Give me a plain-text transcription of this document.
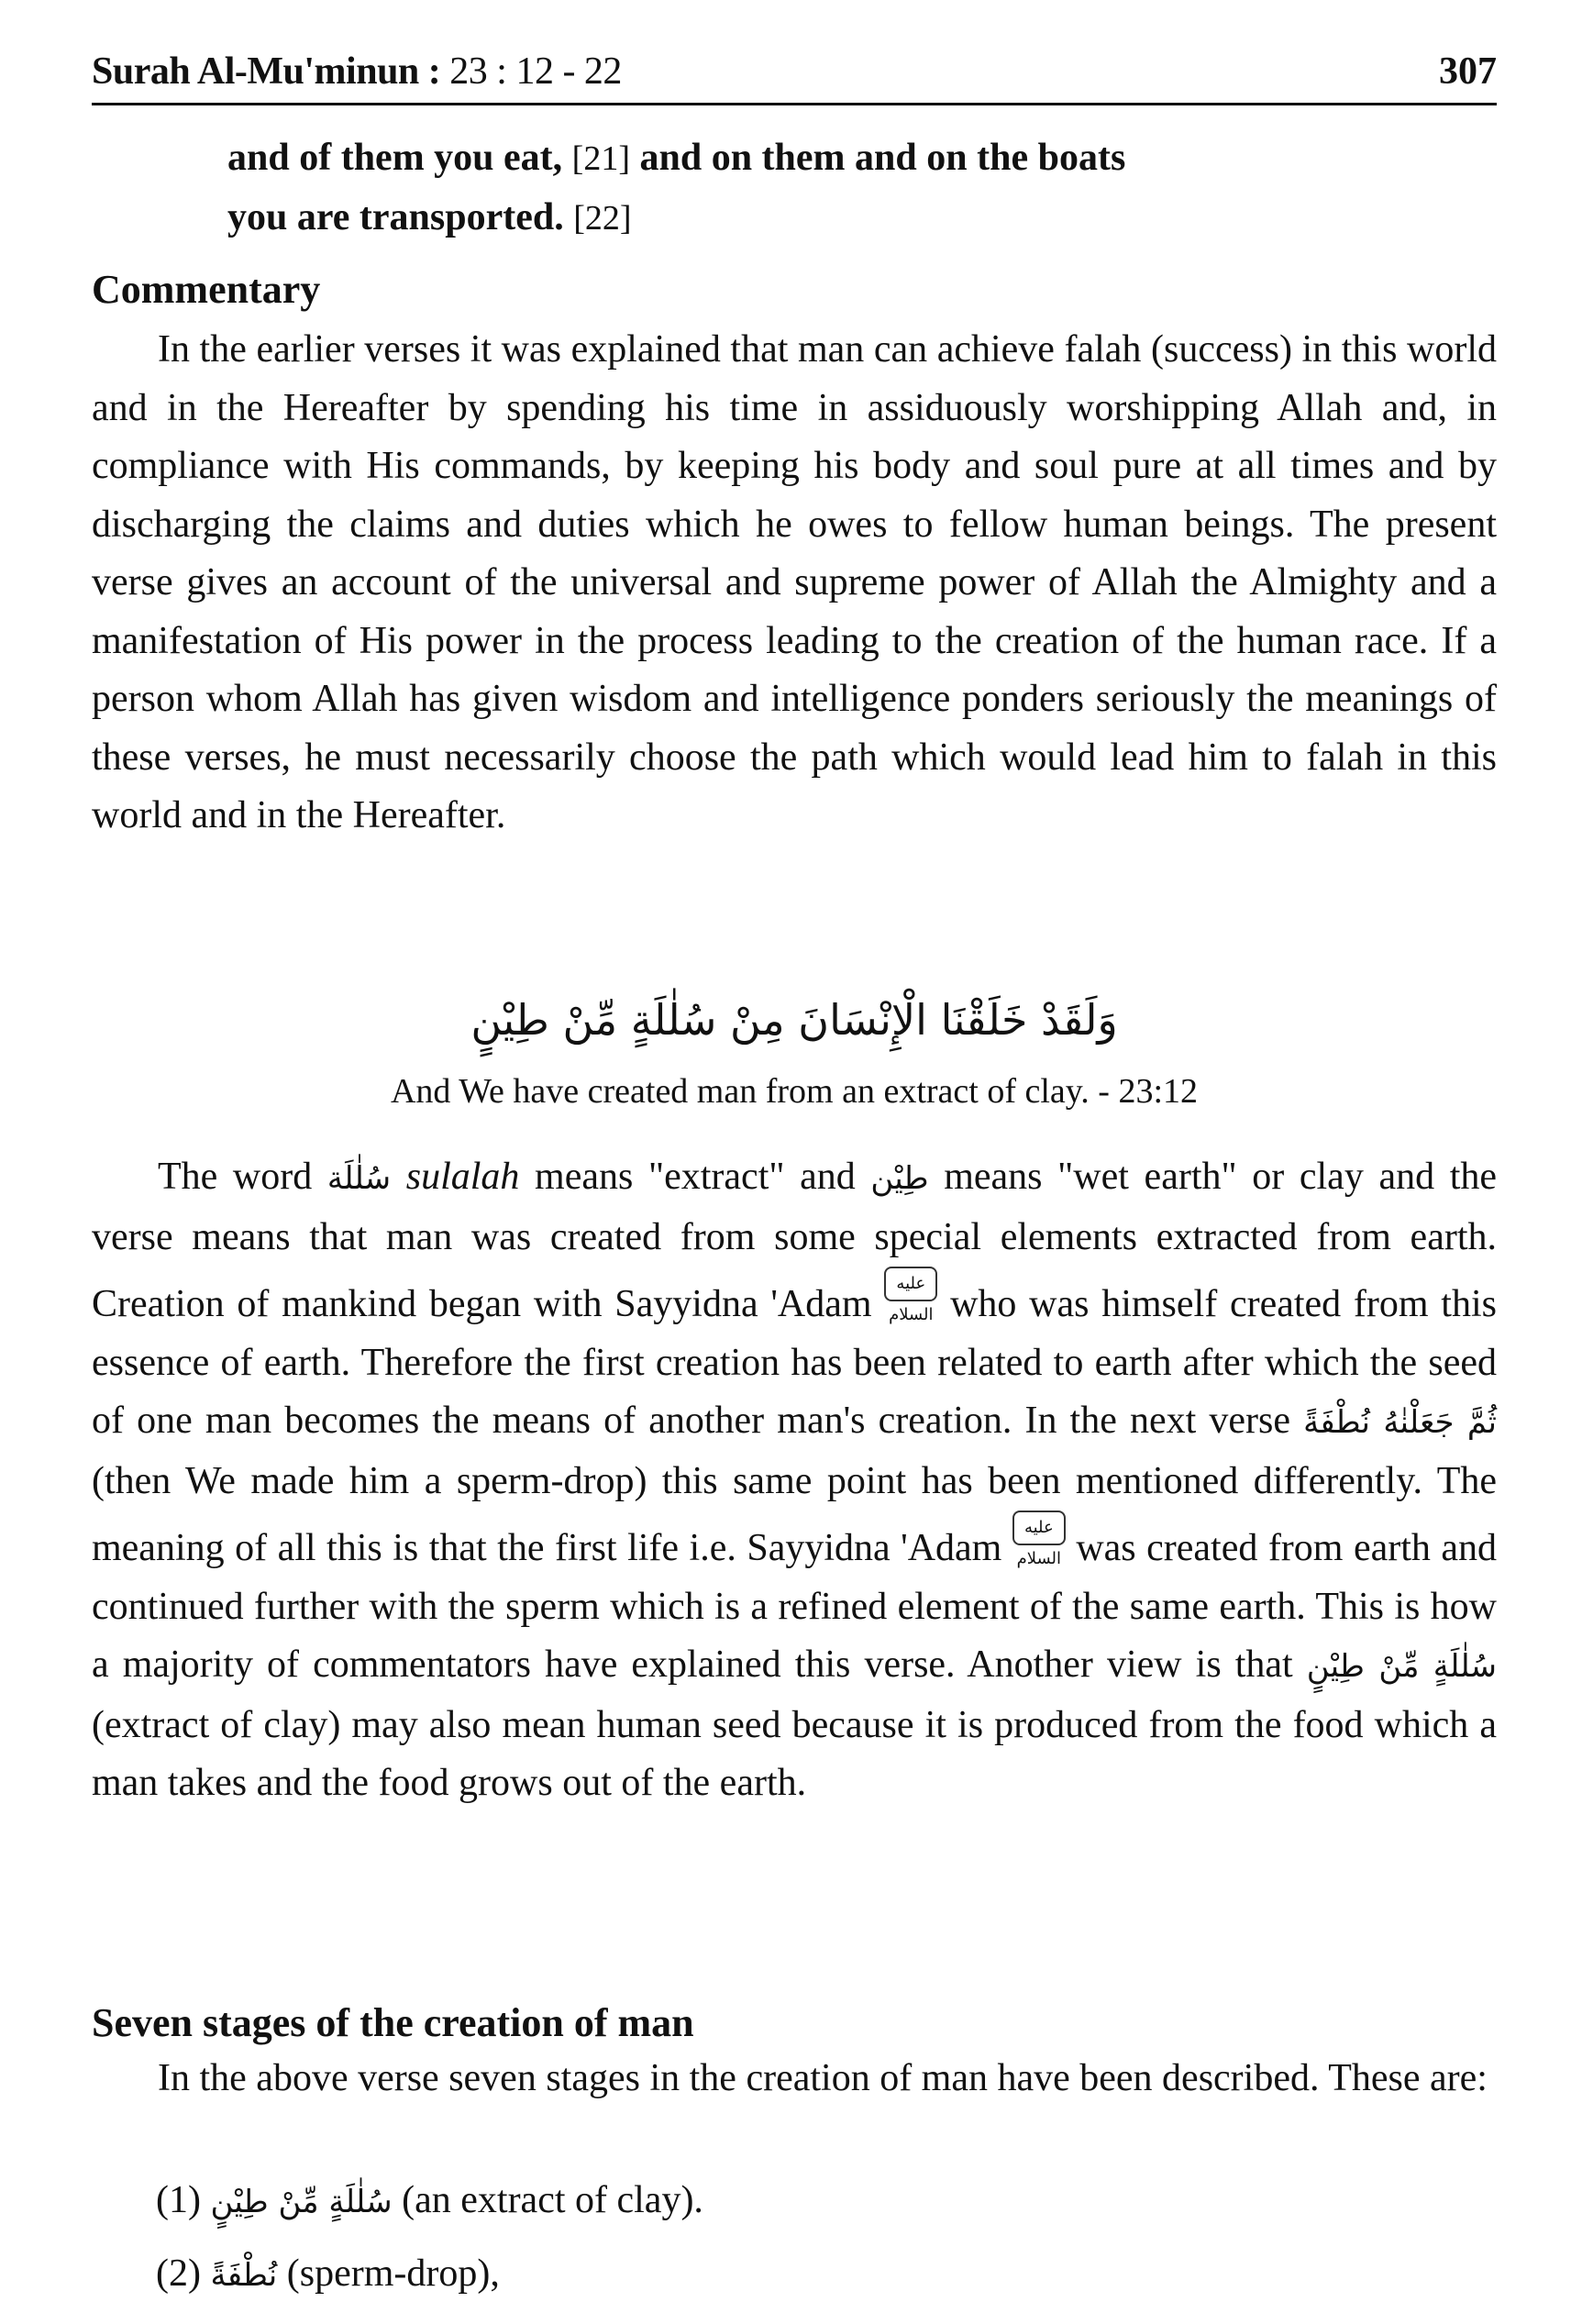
Surah Al-Mu'minun : 23 : 12 - 22	307
and of them you eat, [21] and on them and on the boats
you are transported. [22]
Commentary
In the earlier verses it was explained that man can achieve falah (success) in this world and in the Hereafter by spending his time in assiduously worshipping Allah and, in compliance with His commands, by keeping his body and soul pure at all times and by discharging the claims and duties which he owes to fellow human beings. The present verse gives an account of the universal and supreme power of Allah the Almighty and a manifestation of His power in the process leading to the creation of the human race. If a person whom Allah has given wisdom and intelligence ponders seriously the meanings of these verses, he must necessarily choose the path which would lead him to falah in this world and in the Hereafter.
وَلَقَدْ خَلَقْنَا الْإِنْسَانَ مِنْ سُلٰلَةٍ مِّنْ طِيْنٍ
And We have created man from an extract of clay. - 23:12
The word سُلٰلَة sulalah means "extract" and طِيْن means "wet earth" or clay and the verse means that man was created from some special elements extracted from earth. Creation of mankind began with Sayyidna 'Adam عليه السلام who was himself created from this essence of earth. Therefore the first creation has been related to earth after which the seed of one man becomes the means of another man's creation. In the next verse ثُمَّ جَعَلْنٰهُ نُطْفَةً (then We made him a sperm-drop) this same point has been mentioned differently. The meaning of all this is that the first life i.e. Sayyidna 'Adam عليه السلام was created from earth and continued further with the sperm which is a refined element of the same earth. This is how a majority of commentators have explained this verse. Another view is that سُلٰلَةٍ مِّنْ طِيْنٍ (extract of clay) may also mean human seed because it is produced from the food which a man takes and the food grows out of the earth.
Seven stages of the creation of man
In the above verse seven stages in the creation of man have been described. These are:
(1) سُلٰلَةٍ مِّنْ طِيْنٍ (an extract of clay).
(2) نُطْفَةً (sperm-drop),
